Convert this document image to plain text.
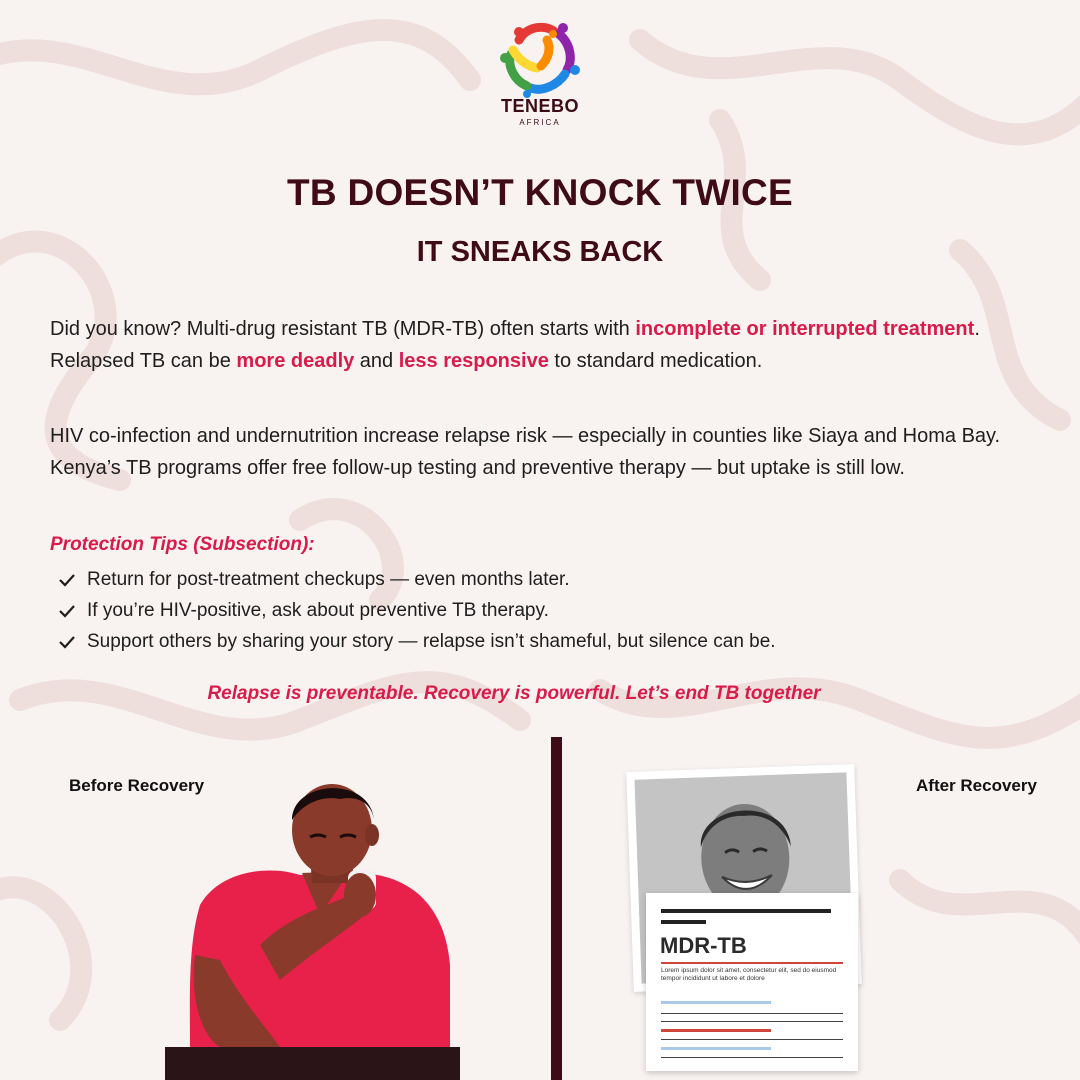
TENEBO
AFRICA
TB DOESN’T KNOCK TWICE
IT SNEAKS BACK

Did you know? Multi-drug resistant TB (MDR-TB) often starts with incomplete or interrupted treatment. Relapsed TB can be more deadly and less responsive to standard medication.

HIV co-infection and undernutrition increase relapse risk — especially in counties like Siaya and Homa Bay. Kenya’s TB programs offer free follow-up testing and preventive therapy — but uptake is still low.

Protection Tips (Subsection):
Return for post-treatment checkups — even months later.
If you’re HIV-positive, ask about preventive TB therapy.
Support others by sharing your story — relapse isn’t shameful, but silence can be.
Relapse is preventable. Recovery is powerful. Let’s end TB together
Before Recovery	After Recovery
MDR-TB
Lorem ipsum dolor sit amet, consectetur elit, sed do eiusmod tempor incididunt ut labore et dolore
